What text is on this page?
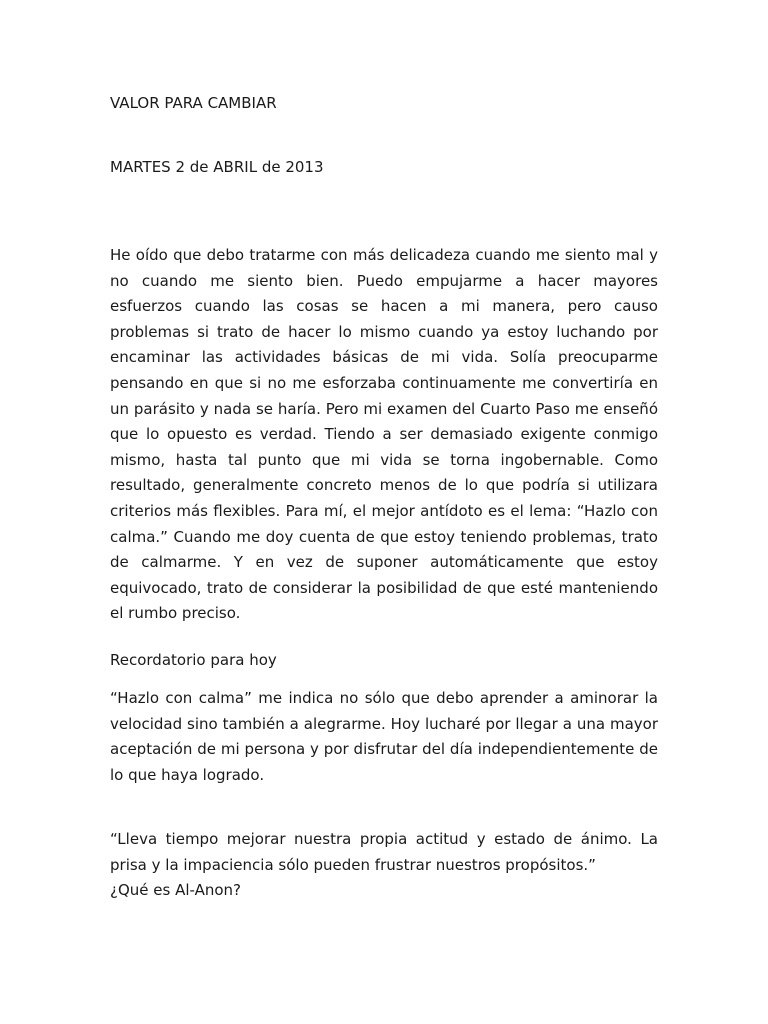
VALOR PARA CAMBIAR

MARTES 2 de ABRIL de 2013

He oído que debo tratarme con más delicadeza cuando me siento mal y no cuando me siento bien. Puedo empujarme a hacer mayores esfuerzos cuando las cosas se hacen a mi manera, pero causo problemas si trato de hacer lo mismo cuando ya estoy luchando por encaminar las actividades básicas de mi vida. Solía preocuparme pensando en que si no me esforzaba continuamente me convertiría en un parásito y nada se haría. Pero mi examen del Cuarto Paso me enseñó que lo opuesto es verdad. Tiendo a ser demasiado exigente conmigo mismo, hasta tal punto que mi vida se torna ingobernable. Como resultado, generalmente concreto menos de lo que podría si utilizara criterios más flexibles. Para mí, el mejor antídoto es el lema: “Hazlo con calma.” Cuando me doy cuenta de que estoy teniendo problemas, trato de calmarme. Y en vez de suponer automáticamente que estoy equivocado, trato de considerar la posibilidad de que esté manteniendo el rumbo preciso.

Recordatorio para hoy

“Hazlo con calma” me indica no sólo que debo aprender a aminorar la velocidad sino también a alegrarme. Hoy lucharé por llegar a una mayor aceptación de mi persona y por disfrutar del día independientemente de lo que haya logrado.

“Lleva tiempo mejorar nuestra propia actitud y estado de ánimo. La prisa y la impaciencia sólo pueden frustrar nuestros propósitos.”
¿Qué es Al-Anon?
